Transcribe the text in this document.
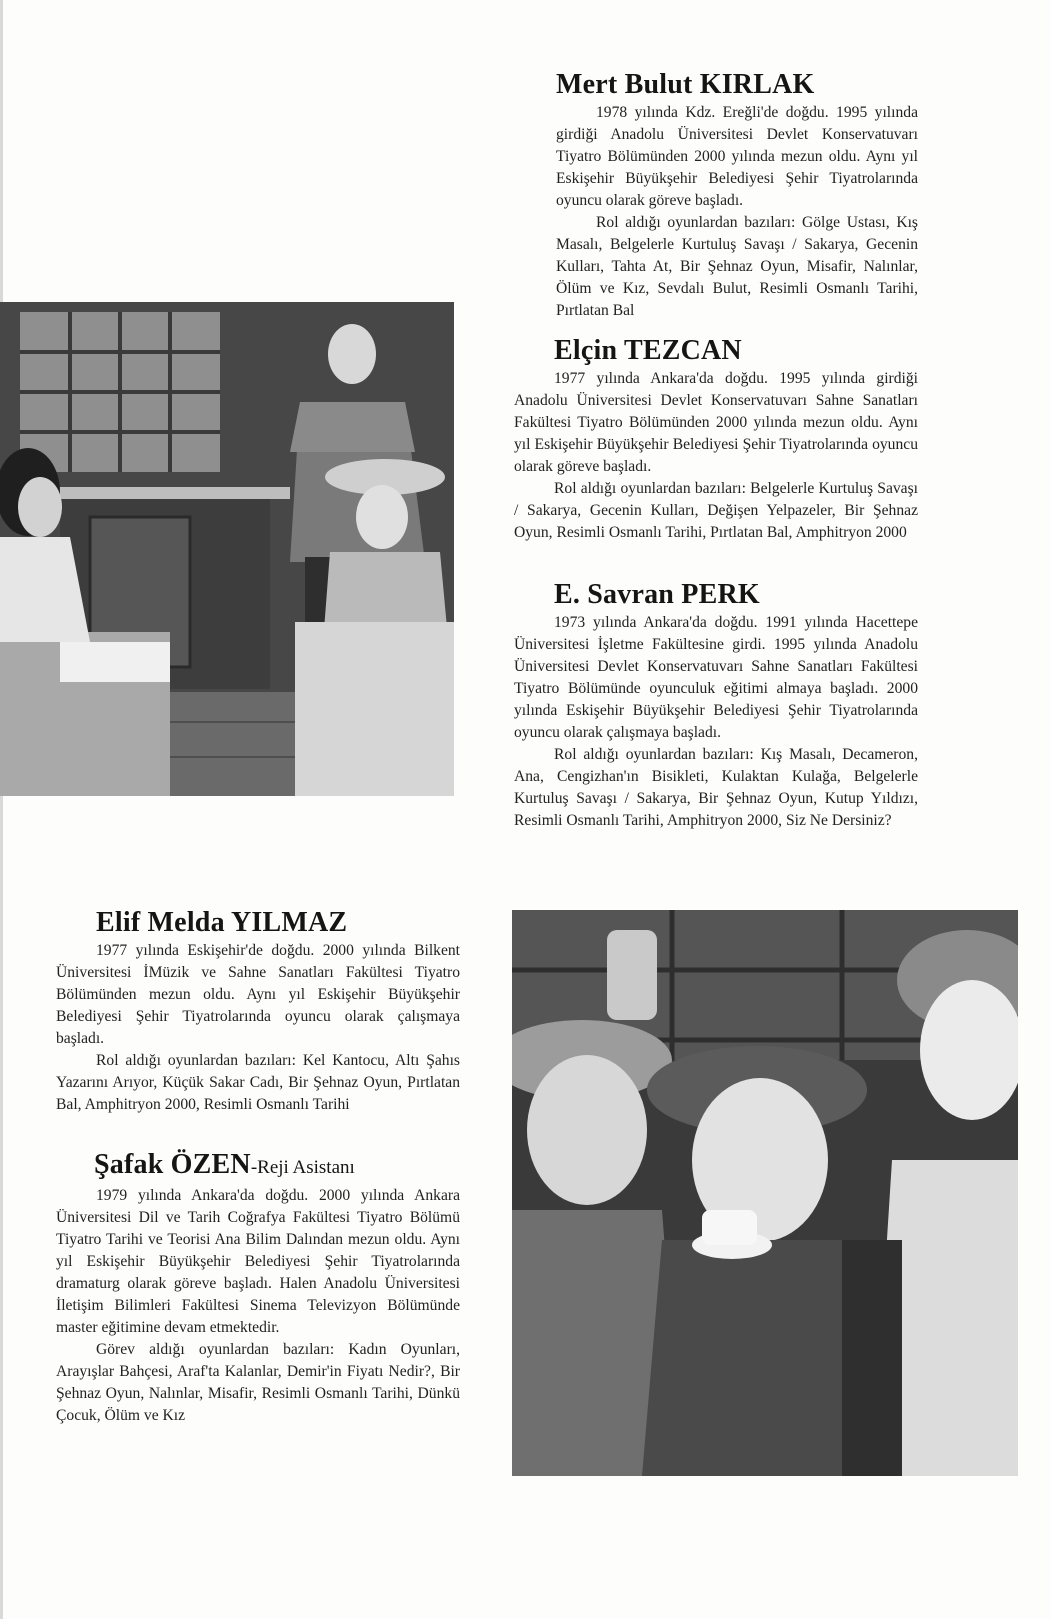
Mert Bulut KIRLAK

1978 yılında Kdz. Ereğli'de doğdu. 1995 yılında girdiği Anadolu Üniversitesi Devlet Konservatuvarı Tiyatro Bölümünden 2000 yılında mezun oldu. Aynı yıl Eskişehir Büyükşehir Belediyesi Şehir Tiyatrolarında oyuncu olarak göreve başladı.

Rol aldığı oyunlardan bazıları: Gölge Ustası, Kış Masalı, Belgelerle Kurtuluş Savaşı / Sakarya, Gecenin Kulları, Tahta At, Bir Şehnaz Oyun, Misafir, Nalınlar, Ölüm ve Kız, Sevdalı Bulut, Resimli Osmanlı Tarihi, Pırtlatan Bal

Elçin TEZCAN

1977 yılında Ankara'da doğdu. 1995 yılında girdiği Anadolu Üniversitesi Devlet Konservatuvarı Sahne Sanatları Fakültesi Tiyatro Bölümünden 2000 yılında mezun oldu. Aynı yıl Eskişehir Büyükşehir Belediyesi Şehir Tiyatrolarında oyuncu olarak göreve başladı.

Rol aldığı oyunlardan bazıları: Belgelerle Kurtuluş Savaşı / Sakarya, Gecenin Kulları, Değişen Yelpazeler, Bir Şehnaz Oyun, Resimli Osmanlı Tarihi, Pırtlatan Bal, Amphitryon 2000

E. Savran PERK

1973 yılında Ankara'da doğdu. 1991 yılında Hacettepe Üniversitesi İşletme Fakültesine girdi. 1995 yılında Anadolu Üniversitesi Devlet Konservatuvarı Sahne Sanatları Fakültesi Tiyatro Bölümünde oyunculuk eğitimi almaya başladı. 2000 yılında Eskişehir Büyükşehir Belediyesi Şehir Tiyatrolarında oyuncu olarak çalışmaya başladı.

Rol aldığı oyunlardan bazıları: Kış Masalı, Decameron, Ana, Cengizhan'ın Bisikleti, Kulaktan Kulağa, Belgelerle Kurtuluş Savaşı / Sakarya, Bir Şehnaz Oyun, Kutup Yıldızı, Resimli Osmanlı Tarihi, Amphitryon 2000, Siz Ne Dersiniz?

Elif Melda YILMAZ

1977 yılında Eskişehir'de doğdu. 2000 yılında Bilkent Üniversitesi İMüzik ve Sahne Sanatları Fakültesi Tiyatro Bölümünden mezun oldu. Aynı yıl Eskişehir Büyükşehir Belediyesi Şehir Tiyatrolarında oyuncu olarak çalışmaya başladı.

Rol aldığı oyunlardan bazıları: Kel Kantocu, Altı Şahıs Yazarını Arıyor, Küçük Sakar Cadı, Bir Şehnaz Oyun, Pırtlatan Bal, Amphitryon 2000, Resimli Osmanlı Tarihi

Şafak ÖZEN-Reji Asistanı

1979 yılında Ankara'da doğdu. 2000 yılında Ankara Üniversitesi Dil ve Tarih Coğrafya Fakültesi Tiyatro Bölümü Tiyatro Tarihi ve Teorisi Ana Bilim Dalından mezun oldu. Aynı yıl Eskişehir Büyükşehir Belediyesi Şehir Tiyatrolarında dramaturg olarak göreve başladı. Halen Anadolu Üniversitesi İletişim Bilimleri Fakültesi Sinema Televizyon Bölümünde master eğitimine devam etmektedir.

Görev aldığı oyunlardan bazıları: Kadın Oyunları, Arayışlar Bahçesi, Araf'ta Kalanlar, Demir'in Fiyatı Nedir?, Bir Şehnaz Oyun, Nalınlar, Misafir, Resimli Osmanlı Tarihi, Dünkü Çocuk, Ölüm ve Kız
